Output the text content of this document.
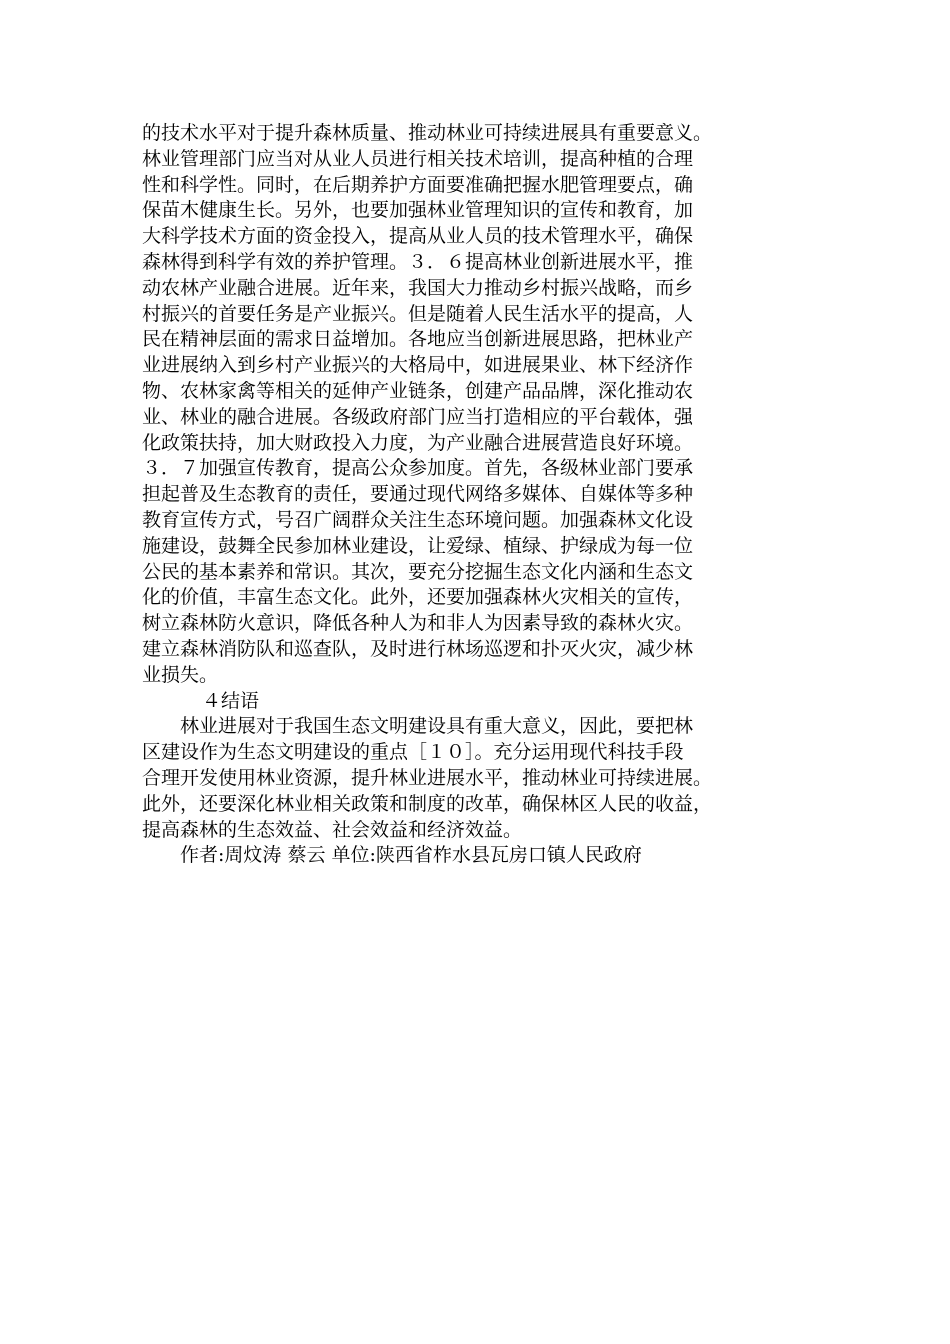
的技术水平对于提升森林质量、推动林业可持续进展具有重要意义。
林业管理部门应当对从业人员进行相关技术培训，提高种植的合理
性和科学性。同时，在后期养护方面要准确把握水肥管理要点，确
保苗木健康生长。另外，也要加强林业管理知识的宣传和教育，加
大科学技术方面的资金投入，提高从业人员的技术管理水平，确保
森林得到科学有效的养护管理。３．６提高林业创新进展水平，推
动农林产业融合进展。近年来，我国大力推动乡村振兴战略，而乡
村振兴的首要任务是产业振兴。但是随着人民生活水平的提高，人
民在精神层面的需求日益增加。各地应当创新进展思路，把林业产
业进展纳入到乡村产业振兴的大格局中，如进展果业、林下经济作
物、农林家禽等相关的延伸产业链条，创建产品品牌，深化推动农
业、林业的融合进展。各级政府部门应当打造相应的平台载体，强
化政策扶持，加大财政投入力度，为产业融合进展营造良好环境。
３．７加强宣传教育，提高公众参加度。首先，各级林业部门要承
担起普及生态教育的责任，要通过现代网络多媒体、自媒体等多种
教育宣传方式，号召广阔群众关注生态环境问题。加强森林文化设
施建设，鼓舞全民参加林业建设，让爱绿、植绿、护绿成为每一位
公民的基本素养和常识。其次，要充分挖掘生态文化内涵和生态文
化的价值，丰富生态文化。此外，还要加强森林火灾相关的宣传，
树立森林防火意识，降低各种人为和非人为因素导致的森林火灾。
建立森林消防队和巡查队，及时进行林场巡逻和扑灭火灾，减少林
业损失。
４结语
林业进展对于我国生态文明建设具有重大意义，因此，要把林
区建设作为生态文明建设的重点［１０］。充分运用现代科技手段
合理开发使用林业资源，提升林业进展水平，推动林业可持续进展。
此外，还要深化林业相关政策和制度的改革，确保林区人民的收益，
提高森林的生态效益、社会效益和经济效益。
作者:周炆涛 蔡云 单位:陕西省柞水县瓦房口镇人民政府
